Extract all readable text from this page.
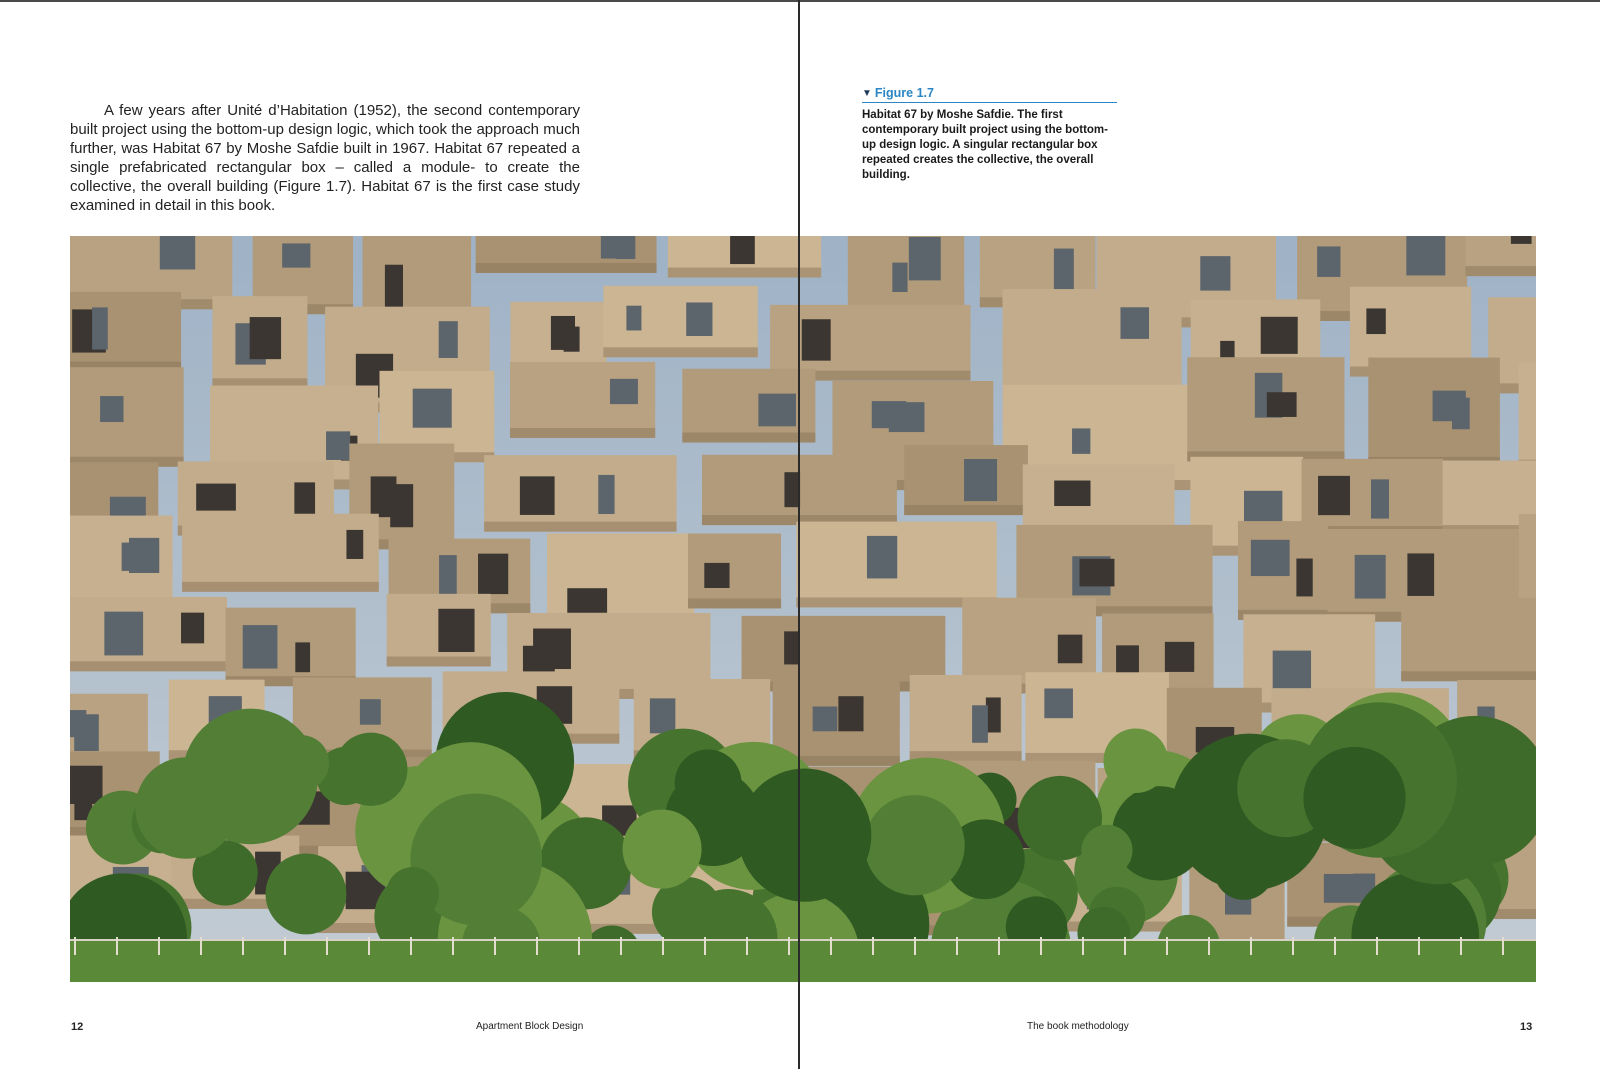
A few years after Unité d’Habitation (1952), the second contemporary built project using the bottom-up design logic, which took the approach much further, was Habitat 67 by Moshe Safdie built in 1967. Habitat 67 repeated a single prefabricated rectangular box – called a module- to create the collective, the overall building (Figure 1.7). Habitat 67 is the first case study examined in detail in this book.

▼ Figure 1.7
Habitat 67 by Moshe Safdie. The first contemporary built project using the bottom-up design logic. A singular rectangular box repeated creates the collective, the overall building.
12	Apartment Block Design	The book methodology	13
